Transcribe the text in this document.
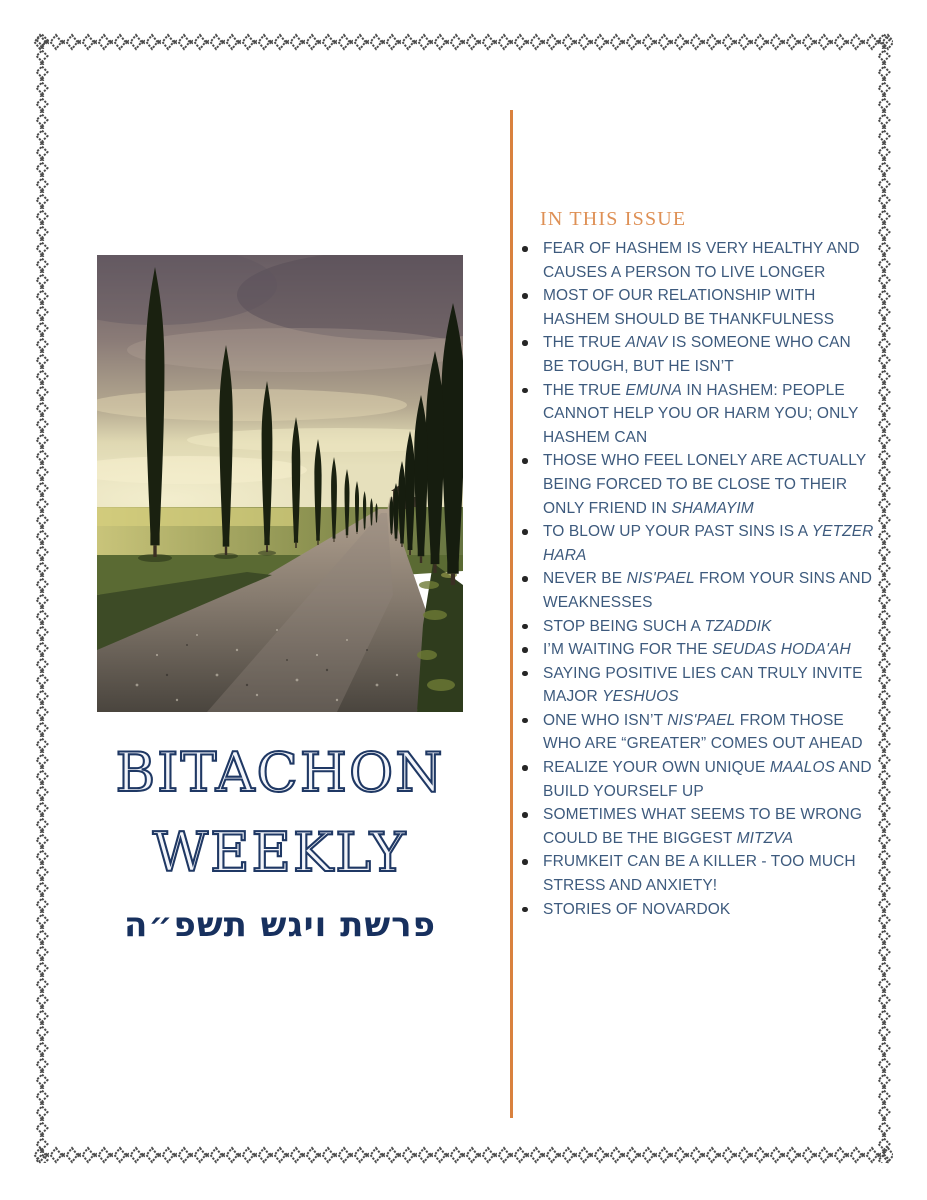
BITACHON
WEEKLY
פרשת ויגש תשפ״ה
IN THIS ISSUE
FEAR OF HASHEM IS VERY HEALTHY AND CAUSES A PERSON TO LIVE LONGER
MOST OF OUR RELATIONSHIP WITH HASHEM SHOULD BE THANKFULNESS
THE TRUE ANAV IS SOMEONE WHO CAN BE TOUGH, BUT HE ISN’T
THE TRUE EMUNA IN HASHEM: PEOPLE CANNOT HELP YOU OR HARM YOU; ONLY HASHEM CAN
THOSE WHO FEEL LONELY ARE ACTUALLY BEING FORCED TO BE CLOSE TO THEIR ONLY FRIEND IN SHAMAYIM
TO BLOW UP YOUR PAST SINS IS A YETZER HARA
NEVER BE NIS'PAEL FROM YOUR SINS AND WEAKNESSES
STOP BEING SUCH A TZADDIK
I’M WAITING FOR THE SEUDAS HODA'AH
SAYING POSITIVE LIES CAN TRULY INVITE MAJOR YESHUOS
ONE WHO ISN’T NIS'PAEL FROM THOSE WHO ARE “GREATER” COMES OUT AHEAD
REALIZE YOUR OWN UNIQUE MAALOS AND BUILD YOURSELF UP
SOMETIMES WHAT SEEMS TO BE WRONG COULD BE THE BIGGEST MITZVA
FRUMKEIT CAN BE A KILLER - TOO MUCH STRESS AND ANXIETY!
STORIES OF NOVARDOK
